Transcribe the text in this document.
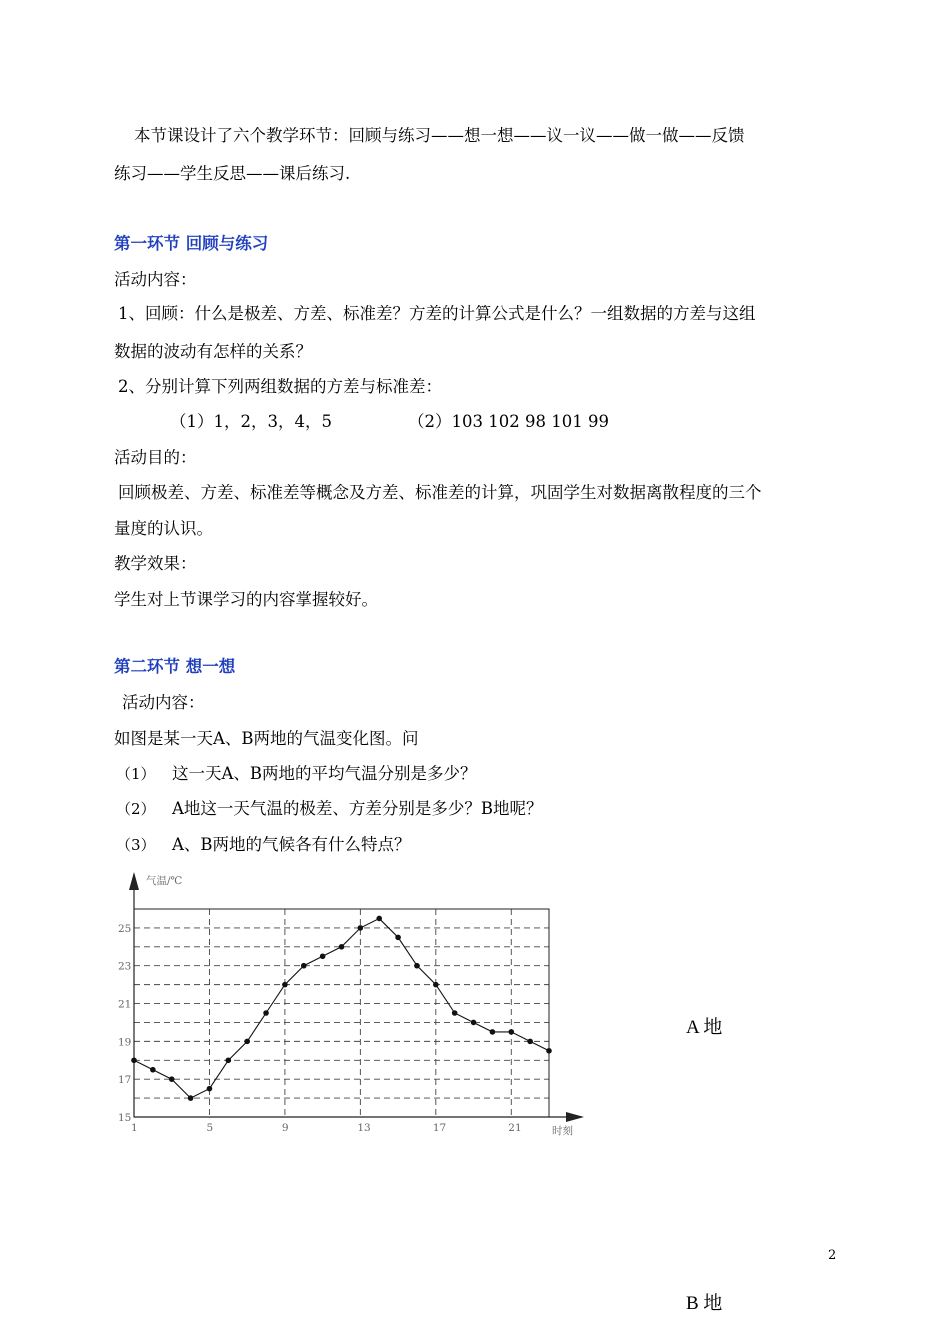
本节课设计了六个教学环节：回顾与练习——想一想——议一议——做一做——反馈
练习——学生反思——课后练习.
第一环节 回顾与练习
活动内容：
1、回顾：什么是极差、方差、标准差？方差的计算公式是什么？一组数据的方差与这组
数据的波动有怎样的关系？
2、分别计算下列两组数据的方差与标准差：
（1）1，2，3，4，5	（2）103 102 98 101 99
活动目的：
回顾极差、方差、标准差等概念及方差、标准差的计算，巩固学生对数据离散程度的三个
量度的认识。
教学效果：
学生对上节课学习的内容掌握较好。
第二环节 想一想
活动内容：
如图是某一天A、B两地的气温变化图。问
（1） 这一天A、B两地的平均气温分别是多少？
（2） A地这一天气温的极差、方差分别是多少？B地呢？
（3） A、B两地的气候各有什么特点？
气温/℃
时刻
15
17
19
21
23
25
1	5	9	13	17	21
A 地
B 地
2
